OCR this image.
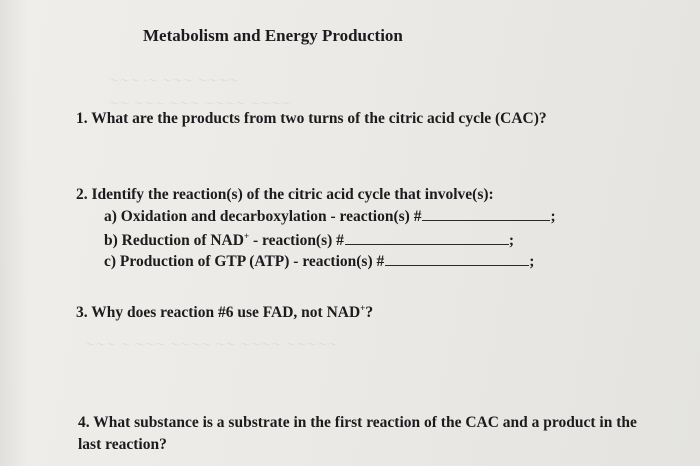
〜〜〜 ·〜 〜〜〜 〜〜〜〜
〜〜 〜〜〜 〜〜〜 〜〜〜〜 〜〜〜〜
〜〜〜 〜 〜〜〜 〜〜〜〜 〜〜 〜〜〜〜 〜〜〜〜〜
Metabolism and Energy Production
1. What are the products from two turns of the citric acid cycle (CAC)?
2. Identify the reaction(s) of the citric acid cycle that involve(s):
a) Oxidation and decarboxylation - reaction(s) #	;
b) Reduction of NAD+ - reaction(s) #	;
c) Production of GTP (ATP) - reaction(s) #	;
3. Why does reaction #6 use FAD, not NAD+?
4. What substance is a substrate in the first reaction of the CAC and a product in the last reaction?
